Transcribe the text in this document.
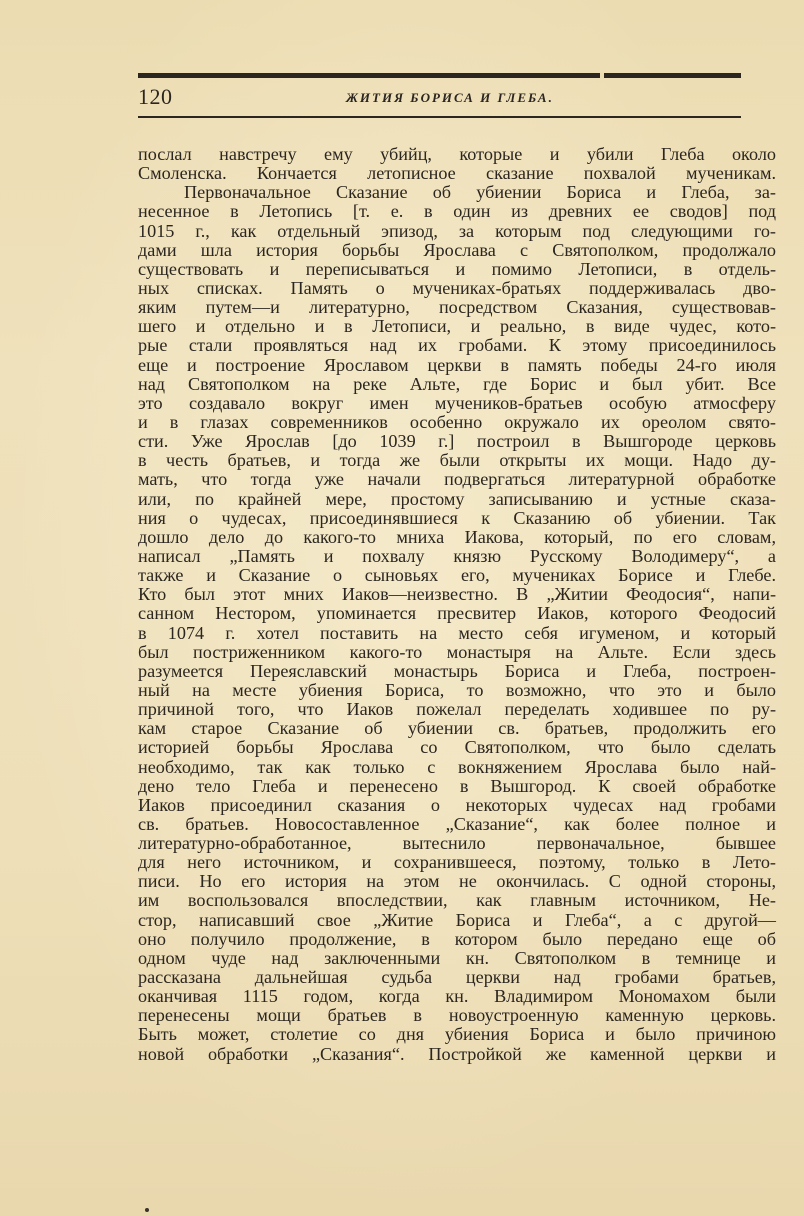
120	ЖИТИЯ БОРИСА И ГЛЕБА.
послал навстречу ему убийц, которые и убили Глеба около
Смоленска. Кончается летописное сказание похвалой мученикам.
Первоначальное Сказание об убиении Бориса и Глеба, за-
несенное в Летопись [т. е. в один из древних ее сводов] под
1015 г., как отдельный эпизод, за которым под следующими го-
дами шла история борьбы Ярослава с Святополком, продолжало
существовать и переписываться и помимо Летописи, в отдель-
ных списках. Память о мучениках-братьях поддерживалась дво-
яким путем—и литературно, посредством Сказания, существовав-
шего и отдельно и в Летописи, и реально, в виде чудес, кото-
рые стали проявляться над их гробами. К этому присоединилось
еще и построение Ярославом церкви в память победы 24-го июля
над Святополком на реке Альте, где Борис и был убит. Все
это создавало вокруг имен мучеников-братьев особую атмосферу
и в глазах современников особенно окружало их ореолом свято-
сти. Уже Ярослав [до 1039 г.] построил в Вышгороде церковь
в честь братьев, и тогда же были открыты их мощи. Надо ду-
мать, что тогда уже начали подвергаться литературной обработке
или, по крайней мере, простому записыванию и устные сказа-
ния о чудесах, присоединявшиеся к Сказанию об убиении. Так
дошло дело до какого-то мниха Иакова, который, по его словам,
написал „Память и похвалу князю Русскому Володимеру“, а
также и Сказание о сыновьях его, мучениках Борисе и Глебе.
Кто был этот мних Иаков—неизвестно. В „Житии Феодосия“, напи-
санном Нестором, упоминается пресвитер Иаков, которого Феодосий
в 1074 г. хотел поставить на место себя игуменом, и который
был постриженником какого-то монастыря на Альте. Если здесь
разумеется Переяславский монастырь Бориса и Глеба, построен-
ный на месте убиения Бориса, то возможно, что это и было
причиной того, что Иаков пожелал переделать ходившее по ру-
кам старое Сказание об убиении св. братьев, продолжить его
историей борьбы Ярослава со Святополком, что было сделать
необходимо, так как только с вокняжением Ярослава было най-
дено тело Глеба и перенесено в Вышгород. К своей обработке
Иаков присоединил сказания о некоторых чудесах над гробами
св. братьев. Новосоставленное „Сказание“, как более полное и
литературно-обработанное, вытеснило первоначальное, бывшее
для него источником, и сохранившееся, поэтому, только в Лето-
писи. Но его история на этом не окончилась. С одной стороны,
им воспользовался впоследствии, как главным источником, Не-
стор, написавший свое „Житие Бориса и Глеба“, а с другой—
оно получило продолжение, в котором было передано еще об
одном чуде над заключенными кн. Святополком в темнице и
рассказана дальнейшая судьба церкви над гробами братьев,
оканчивая 1115 годом, когда кн. Владимиром Мономахом были
перенесены мощи братьев в новоустроенную каменную церковь.
Быть может, столетие со дня убиения Бориса и было причиною
новой обработки „Сказания“. Постройкой же каменной церкви и
